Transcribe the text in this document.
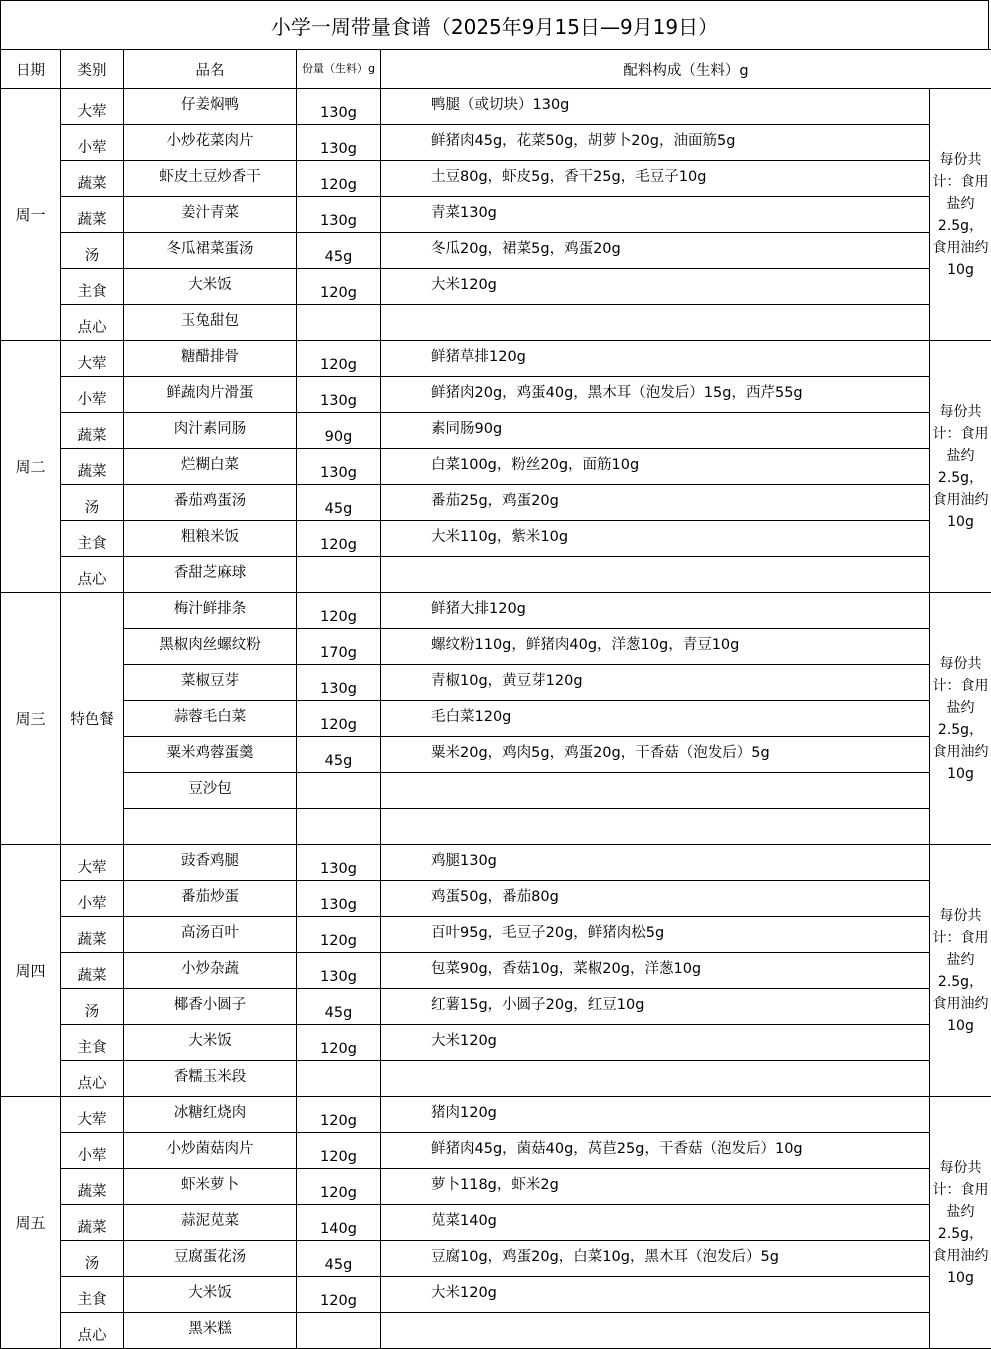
小学一周带量食谱（2025年9月15日—9月19日）
日期	类别	品名	份量（生料）g	配料构成（生料）g	
周一	大荤	仔姜焖鸭	130g	鸭腿（或切块）130g	每份共计：食用盐约2.5g，食用油约10g
	小荤	小炒花菜肉片	130g	鲜猪肉45g，花菜50g，胡萝卜20g，油面筋5g	
	蔬菜	虾皮土豆炒香干	120g	土豆80g，虾皮5g，香干25g，毛豆子10g	
	蔬菜	姜汁青菜	130g	青菜130g	
	汤	冬瓜裙菜蛋汤	45g	冬瓜20g，裙菜5g，鸡蛋20g	
	主食	大米饭	120g	大米120g	
	点心	玉兔甜包			
周二	大荤	糖醋排骨	120g	鲜猪草排120g	每份共计：食用盐约2.5g，食用油约10g
	小荤	鲜蔬肉片滑蛋	130g	鲜猪肉20g，鸡蛋40g，黑木耳（泡发后）15g，西芹55g	
	蔬菜	肉汁素同肠	90g	素同肠90g	
	蔬菜	烂糊白菜	130g	白菜100g，粉丝20g，面筋10g	
	汤	番茄鸡蛋汤	45g	番茄25g，鸡蛋20g	
	主食	粗粮米饭	120g	大米110g，紫米10g	
	点心	香甜芝麻球			
周三	特色餐	梅汁鲜排条	120g	鲜猪大排120g	每份共计：食用盐约2.5g，食用油约10g
		黑椒肉丝螺纹粉	170g	螺纹粉110g，鲜猪肉40g，洋葱10g，青豆10g	
		菜椒豆芽	130g	青椒10g，黄豆芽120g	
		蒜蓉毛白菜	120g	毛白菜120g	
		粟米鸡蓉蛋羹	45g	粟米20g，鸡肉5g，鸡蛋20g，干香菇（泡发后）5g	
		豆沙包			

周四	大荤	豉香鸡腿	130g	鸡腿130g	每份共计：食用盐约2.5g，食用油约10g
	小荤	番茄炒蛋	130g	鸡蛋50g，番茄80g	
	蔬菜	高汤百叶	120g	百叶95g，毛豆子20g，鲜猪肉松5g	
	蔬菜	小炒杂蔬	130g	包菜90g，香菇10g，菜椒20g，洋葱10g	
	汤	椰香小圆子	45g	红薯15g，小圆子20g，红豆10g	
	主食	大米饭	120g	大米120g	
	点心	香糯玉米段			
周五	大荤	冰糖红烧肉	120g	猪肉120g	每份共计：食用盐约2.5g，食用油约10g
	小荤	小炒菌菇肉片	120g	鲜猪肉45g，菌菇40g，莴苣25g，干香菇（泡发后）10g	
	蔬菜	虾米萝卜	120g	萝卜118g，虾米2g	
	蔬菜	蒜泥苋菜	140g	苋菜140g	
	汤	豆腐蛋花汤	45g	豆腐10g，鸡蛋20g，白菜10g，黑木耳（泡发后）5g	
	主食	大米饭	120g	大米120g	
	点心	黑米糕			
